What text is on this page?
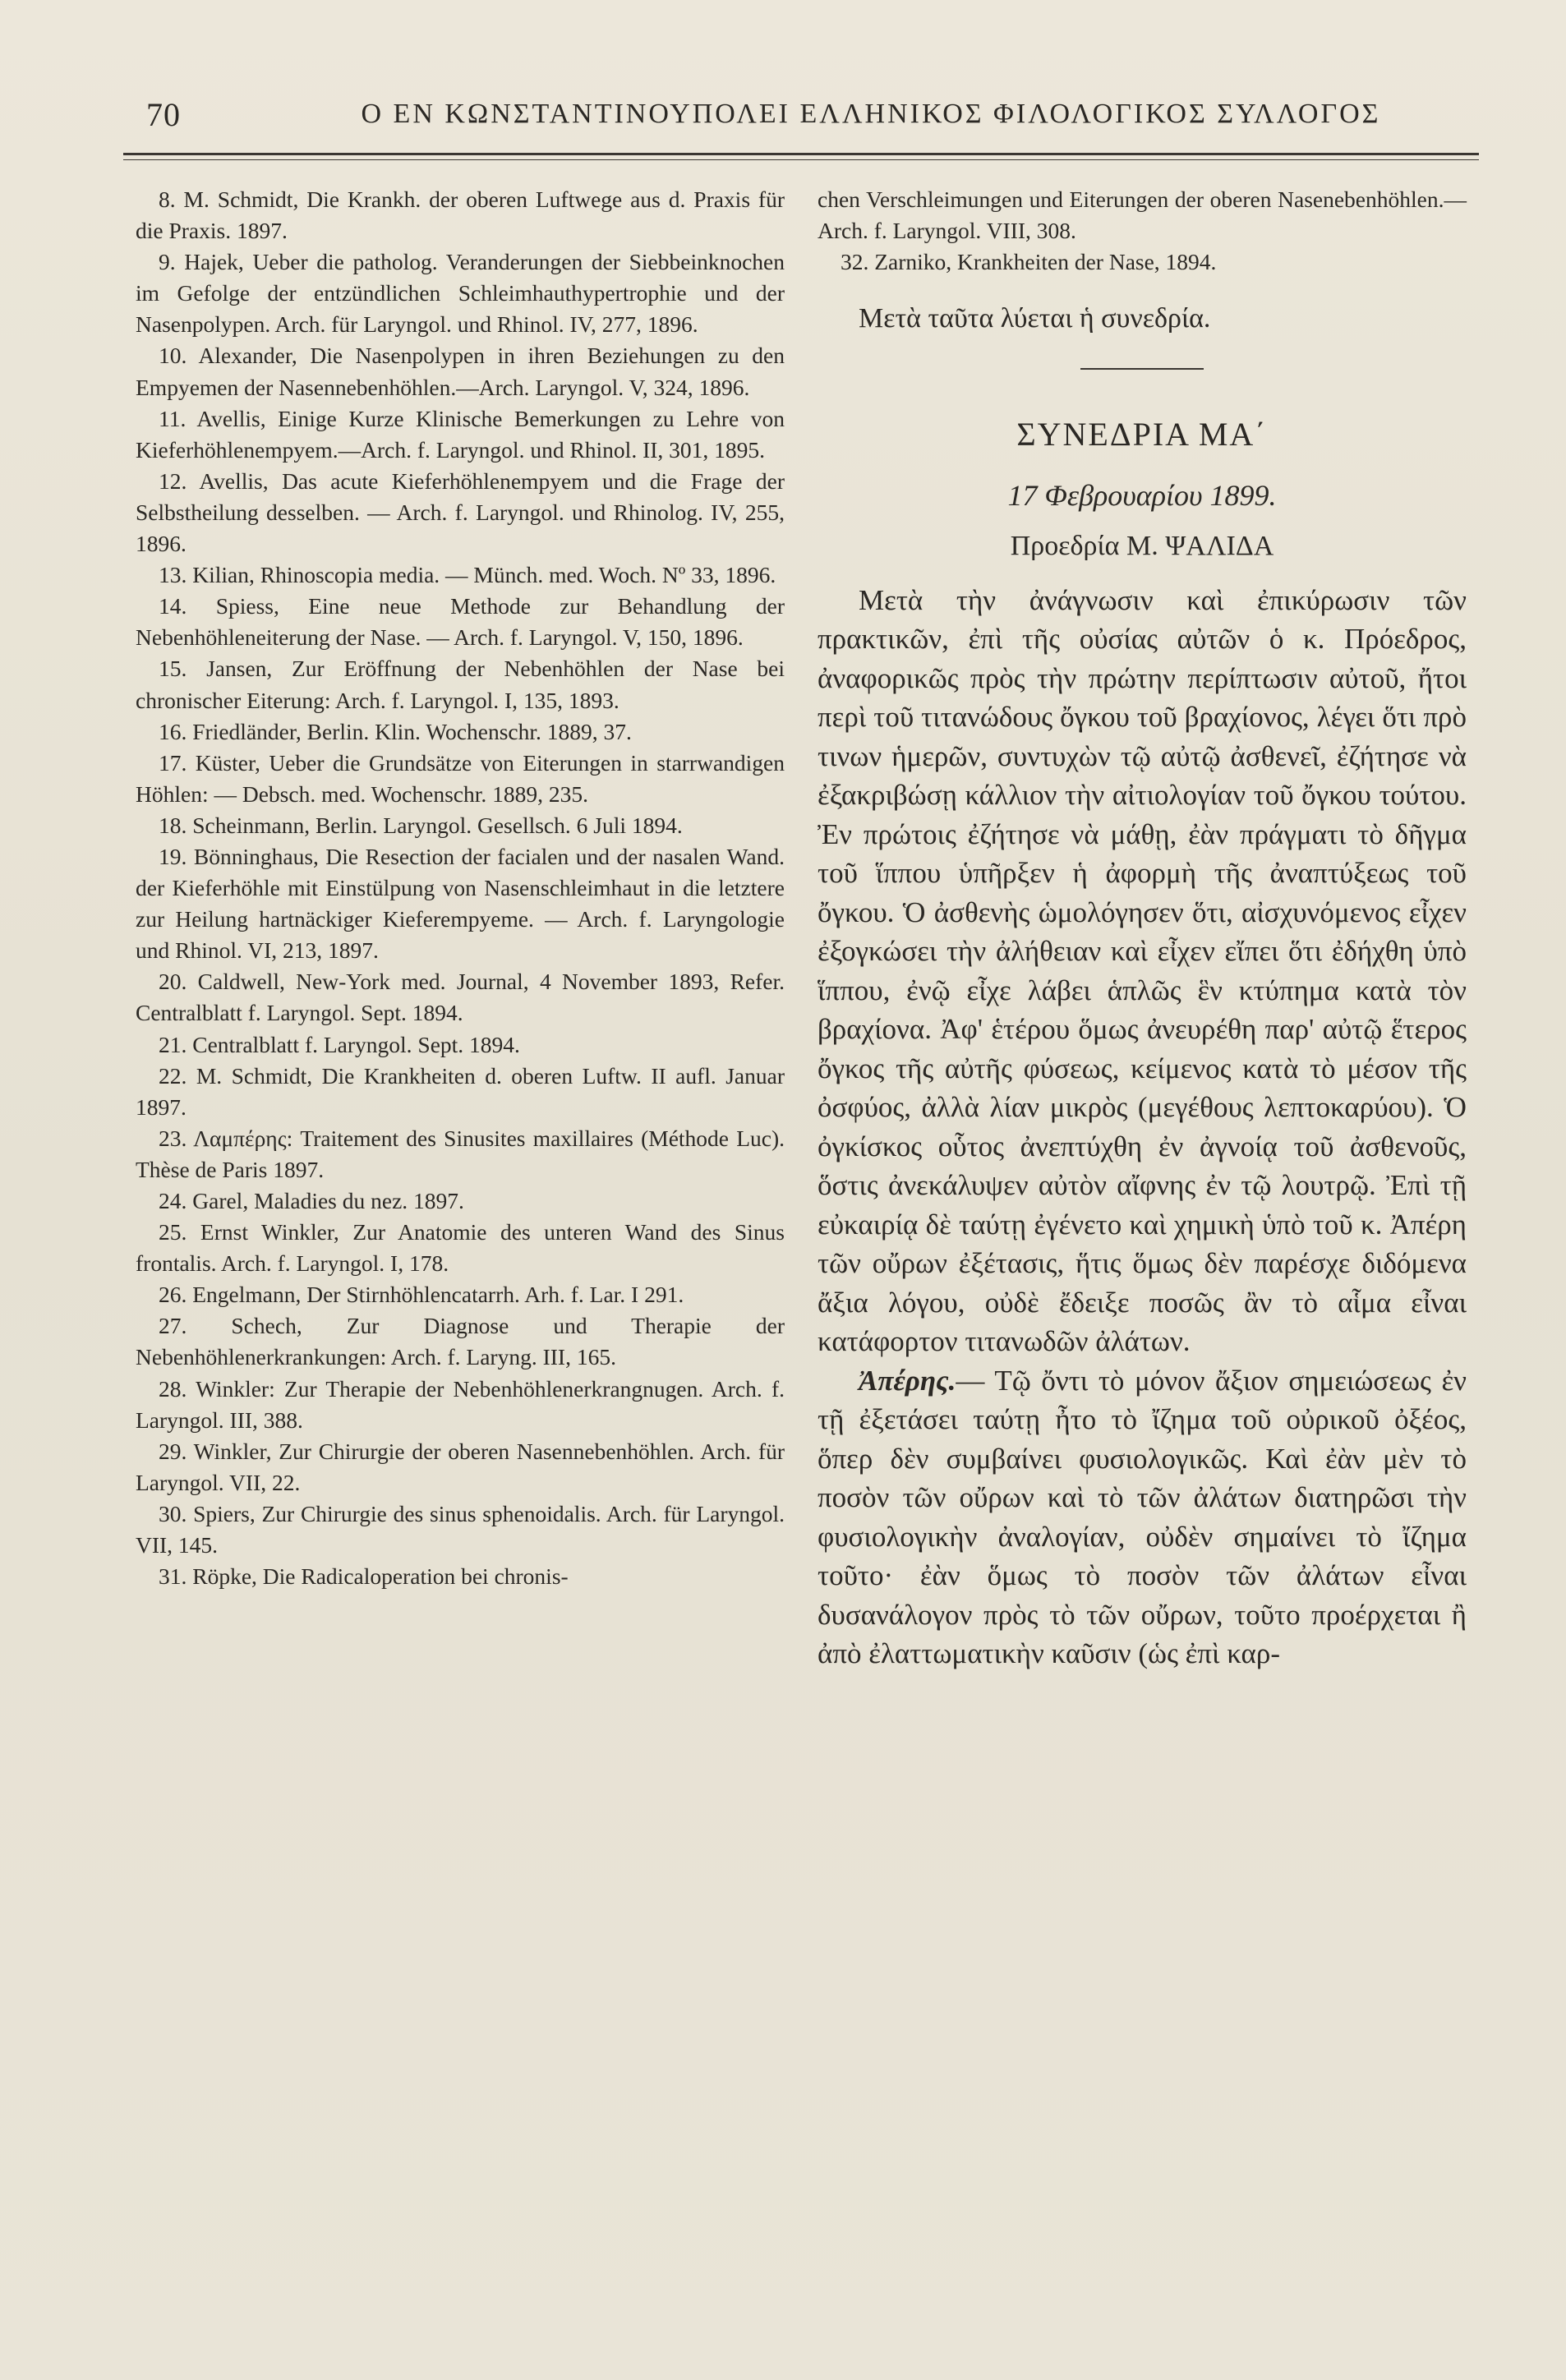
70	Ο ΕΝ ΚΩΝΣΤΑΝΤΙΝΟΥΠΟΛΕΙ ΕΛΛΗΝΙΚΟΣ ΦΙΛΟΛΟΓΙΚΟΣ ΣΥΛΛΟΓΟΣ

8. M. Schmidt, Die Krankh. der oberen Luftwege aus d. Praxis für die Praxis. 1897.

9. Hajek, Ueber die patholog. Veranderungen der Siebbeinknochen im Gefolge der entzündlichen Schleimhauthypertrophie und der Nasenpolypen. Arch. für Laryngol. und Rhinol. IV, 277, 1896.

10. Alexander, Die Nasenpolypen in ihren Beziehungen zu den Empyemen der Nasennebenhöhlen.—Arch. Laryngol. V, 324, 1896.

11. Avellis, Einige Kurze Klinische Bemerkungen zu Lehre von Kieferhöhlenempyem.—Arch. f. Laryngol. und Rhinol. II, 301, 1895.

12. Avellis, Das acute Kieferhöhlenempyem und die Frage der Selbstheilung desselben. — Arch. f. Laryngol. und Rhinolog. IV, 255, 1896.

13. Kilian, Rhinoscopia media. — Münch. med. Woch. Nº 33, 1896.

14. Spiess, Eine neue Methode zur Behandlung der Nebenhöhleneiterung der Nase. — Arch. f. Laryngol. V, 150, 1896.

15. Jansen, Zur Eröffnung der Nebenhöhlen der Nase bei chronischer Eiterung: Arch. f. Laryngol. I, 135, 1893.

16. Friedländer, Berlin. Klin. Wochenschr. 1889, 37.

17. Küster, Ueber die Grundsätze von Eiterungen in starrwandigen Höhlen: — Debsch. med. Wochenschr. 1889, 235.

18. Scheinmann, Berlin. Laryngol. Gesellsch. 6 Juli 1894.

19. Bönninghaus, Die Resection der facialen und der nasalen Wand. der Kieferhöhle mit Einstülpung von Nasenschleimhaut in die letztere zur Heilung hartnäckiger Kieferempyeme. — Arch. f. Laryngologie und Rhinol. VI, 213, 1897.

20. Caldwell, New-York med. Journal, 4 November 1893, Refer. Centralblatt f. Laryngol. Sept. 1894.

21. Centralblatt f. Laryngol. Sept. 1894.

22. M. Schmidt, Die Krankheiten d. oberen Luftw. II aufl. Januar 1897.

23. Λαμπέρης: Traitement des Sinusites maxillaires (Méthode Luc). Thèse de Paris 1897.

24. Garel, Maladies du nez. 1897.

25. Ernst Winkler, Zur Anatomie des unteren Wand des Sinus frontalis. Arch. f. Laryngol. I, 178.

26. Engelmann, Der Stirnhöhlencatarrh. Arh. f. Lar. I 291.

27. Schech, Zur Diagnose und Therapie der Nebenhöhlenerkrankungen: Arch. f. Laryng. III, 165.

28. Winkler: Zur Therapie der Nebenhöhlenerkrangnugen. Arch. f. Laryngol. III, 388.

29. Winkler, Zur Chirurgie der oberen Nasennebenhöhlen. Arch. für Laryngol. VII, 22.

30. Spiers, Zur Chirurgie des sinus sphenoidalis. Arch. für Laryngol. VII, 145.

31. Röpke, Die Radicaloperation bei chronis-

chen Verschleimungen und Eiterungen der oberen Nasenebenhöhlen.—Arch. f. Laryngol. VIII, 308.

32. Zarniko, Krankheiten der Nase, 1894.

Μετὰ ταῦτα λύεται ἡ συνεδρία.

ΣΥΝΕΔΡΙΑ ΜΑ΄

17 Φεβρουαρίου 1899.

Προεδρία Μ. ΨΑΛΙΔΑ

Μετὰ τὴν ἀνάγνωσιν καὶ ἐπικύρωσιν τῶν πρακτικῶν, ἐπὶ τῆς οὐσίας αὐτῶν ὁ κ. Πρόεδρος, ἀναφορικῶς πρὸς τὴν πρώτην περίπτωσιν αὐτοῦ, ἤτοι περὶ τοῦ τιτανώδους ὄγκου τοῦ βραχίονος, λέγει ὅτι πρὸ τινων ἡμερῶν, συντυχὼν τῷ αὐτῷ ἀσθενεῖ, ἐζήτησε νὰ ἐξακριβώσῃ κάλλιον τὴν αἰτιολογίαν τοῦ ὄγκου τούτου. Ἐν πρώτοις ἐζήτησε νὰ μάθῃ, ἐὰν πράγματι τὸ δῆγμα τοῦ ἵππου ὑπῆρξεν ἡ ἀφορμὴ τῆς ἀναπτύξεως τοῦ ὄγκου. Ὁ ἀσθενὴς ὡμολόγησεν ὅτι, αἰσχυνόμενος εἶχεν ἐξογκώσει τὴν ἀλήθειαν καὶ εἶχεν εἴπει ὅτι ἐδήχθη ὑπὸ ἵππου, ἐνῷ εἶχε λάβει ἁπλῶς ἓν κτύπημα κατὰ τὸν βραχίονα. Ἀφ' ἑτέρου ὅμως ἀνευρέθη παρ' αὐτῷ ἕτερος ὄγκος τῆς αὐτῆς φύσεως, κείμενος κατὰ τὸ μέσον τῆς ὀσφύος, ἀλλὰ λίαν μικρὸς (μεγέθους λεπτοκαρύου). Ὁ ὀγκίσκος οὗτος ἀνεπτύχθη ἐν ἀγνοίᾳ τοῦ ἀσθενοῦς, ὅστις ἀνεκάλυψεν αὐτὸν αἴφνης ἐν τῷ λουτρῷ. Ἐπὶ τῇ εὐκαιρίᾳ δὲ ταύτῃ ἐγένετο καὶ χημικὴ ὑπὸ τοῦ κ. Ἀπέρη τῶν οὔρων ἐξέτασις, ἥτις ὅμως δὲν παρέσχε διδόμενα ἄξια λόγου, οὐδὲ ἔδειξε ποσῶς ἂν τὸ αἷμα εἶναι κατάφορτον τιτανωδῶν ἀλάτων.

Ἀπέρης.— Τῷ ὄντι τὸ μόνον ἄξιον σημειώσεως ἐν τῇ ἐξετάσει ταύτῃ ἦτο τὸ ἴζημα τοῦ οὐρικοῦ ὀξέος, ὅπερ δὲν συμβαίνει φυσιολογικῶς. Καὶ ἐὰν μὲν τὸ ποσὸν τῶν οὔρων καὶ τὸ τῶν ἀλάτων διατηρῶσι τὴν φυσιολογικὴν ἀναλογίαν, οὐδὲν σημαίνει τὸ ἴζημα τοῦτο· ἐὰν ὅμως τὸ ποσὸν τῶν ἀλάτων εἶναι δυσανάλογον πρὸς τὸ τῶν οὔρων, τοῦτο προέρχεται ἢ ἀπὸ ἐλαττωματικὴν καῦσιν (ὡς ἐπὶ καρ-
